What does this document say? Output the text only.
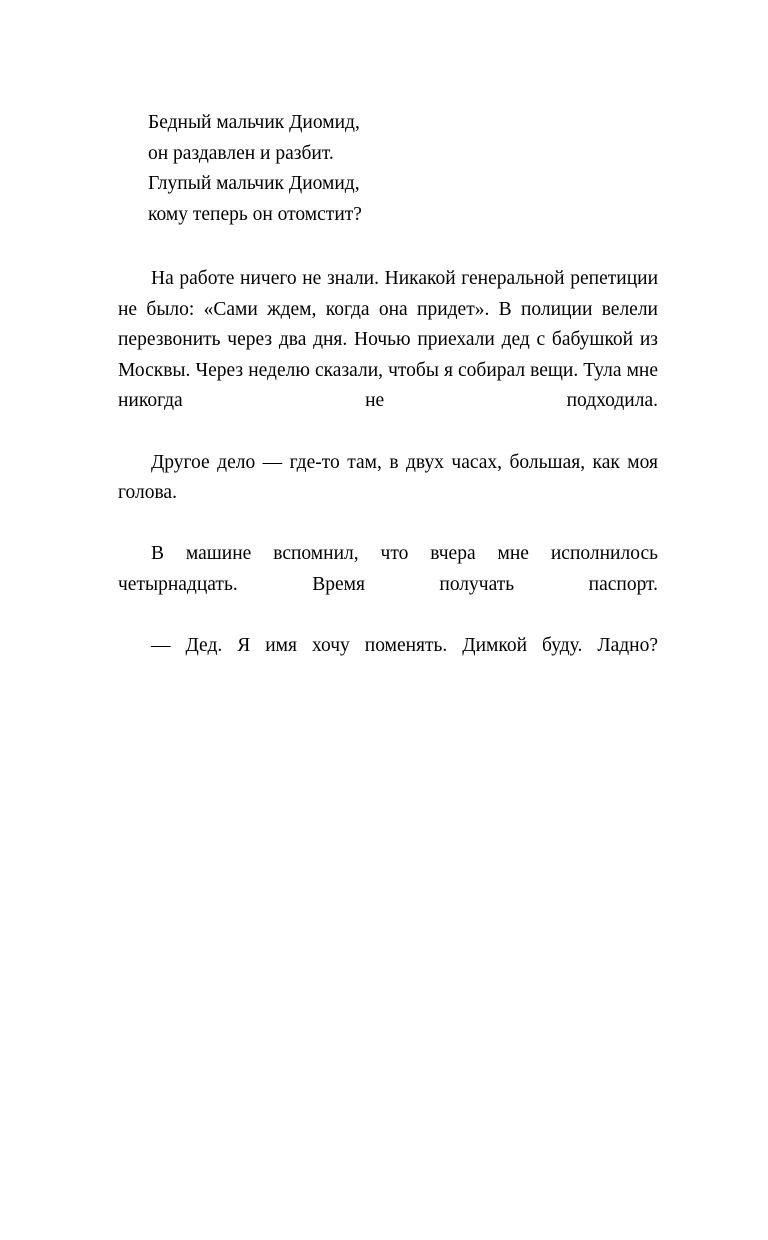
Бедный мальчик Диомид,
он раздавлен и разбит.
Глупый мальчик Диомид,
кому теперь он отомстит?

На работе ничего не знали. Никакой генеральной репетиции не было: «Сами ждем, когда она придет». В полиции велели перезвонить через два дня. Ночью приехали дед с бабушкой из Москвы. Через неделю сказали, чтобы я собирал вещи. Тула мне никогда не подходила.

Другое дело — где-то там, в двух часах, большая, как моя голова.

В машине вспомнил, что вчера мне исполнилось четырнадцать. Время получать паспорт.

— Дед. Я имя хочу поменять. Димкой буду. Ладно?
